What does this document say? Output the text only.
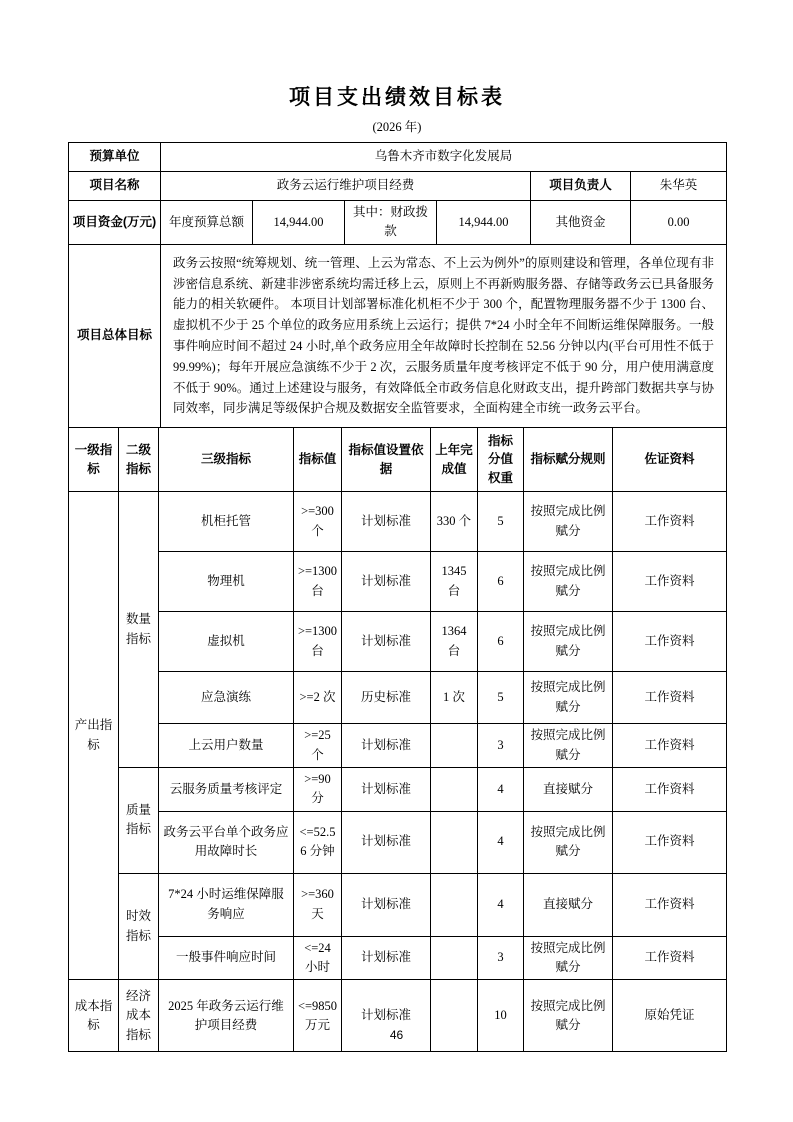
项目支出绩效目标表
(2026 年)
预算单位	乌鲁木齐市数字化发展局					
项目名称	政务云运行维护项目经费				项目负责人	朱华英
项目资金(万元)	年度预算总额	14,944.00	其中：财政拨款	14,944.00	其他资金	0.00
项目总体目标	政务云按照“统筹规划、统一管理、上云为常态、不上云为例外”的原则建设和管理，各单位现有非涉密信息系统、新建非涉密系统均需迁移上云，原则上不再新购服务器、存储等政务云已具备服务能力的相关软硬件。 本项目计划部署标准化机柜不少于 300 个，配置物理服务器不少于 1300 台、虚拟机不少于 25 个单位的政务应用系统上云运行；提供 7*24 小时全年不间断运维保障服务。一般事件响应时间不超过 24 小时,单个政务应用全年故障时长控制在 52.56 分钟以内(平台可用性不低于 99.99%)；每年开展应急演练不少于 2 次，云服务质量年度考核评定不低于 90 分，用户使用满意度不低于 90%。通过上述建设与服务，有效降低全市政务信息化财政支出，提升跨部门数据共享与协同效率，同步满足等级保护合规及数据安全监管要求，全面构建全市统一政务云平台。					
一级指标	二级指标	三级指标	指标值	指标值设置依据	上年完成值	指标分值权重	指标赋分规则	佐证资料
产出指标	数量指标	机柜托管	>=300 个	计划标准	330 个	5	按照完成比例赋分	工作资料
		物理机	>=1300 台	计划标准	1345 台	6	按照完成比例赋分	工作资料
		虚拟机	>=1300 台	计划标准	1364 台	6	按照完成比例赋分	工作资料
		应急演练	>=2 次	历史标准	1 次	5	按照完成比例赋分	工作资料
		上云用户数量	>=25 个	计划标准		3	按照完成比例赋分	工作资料
	质量指标	云服务质量考核评定	>=90 分	计划标准		4	直接赋分	工作资料
		政务云平台单个政务应用故障时长	<=52.56 分钟	计划标准		4	按照完成比例赋分	工作资料
	时效指标	7*24 小时运维保障服务响应	>=360 天	计划标准		4	直接赋分	工作资料
		一般事件响应时间	<=24 小时	计划标准		3	按照完成比例赋分	工作资料
成本指标	经济成本指标	2025 年政务云运行维护项目经费	<=9850 万元	计划标准		10	按照完成比例赋分	原始凭证
46
